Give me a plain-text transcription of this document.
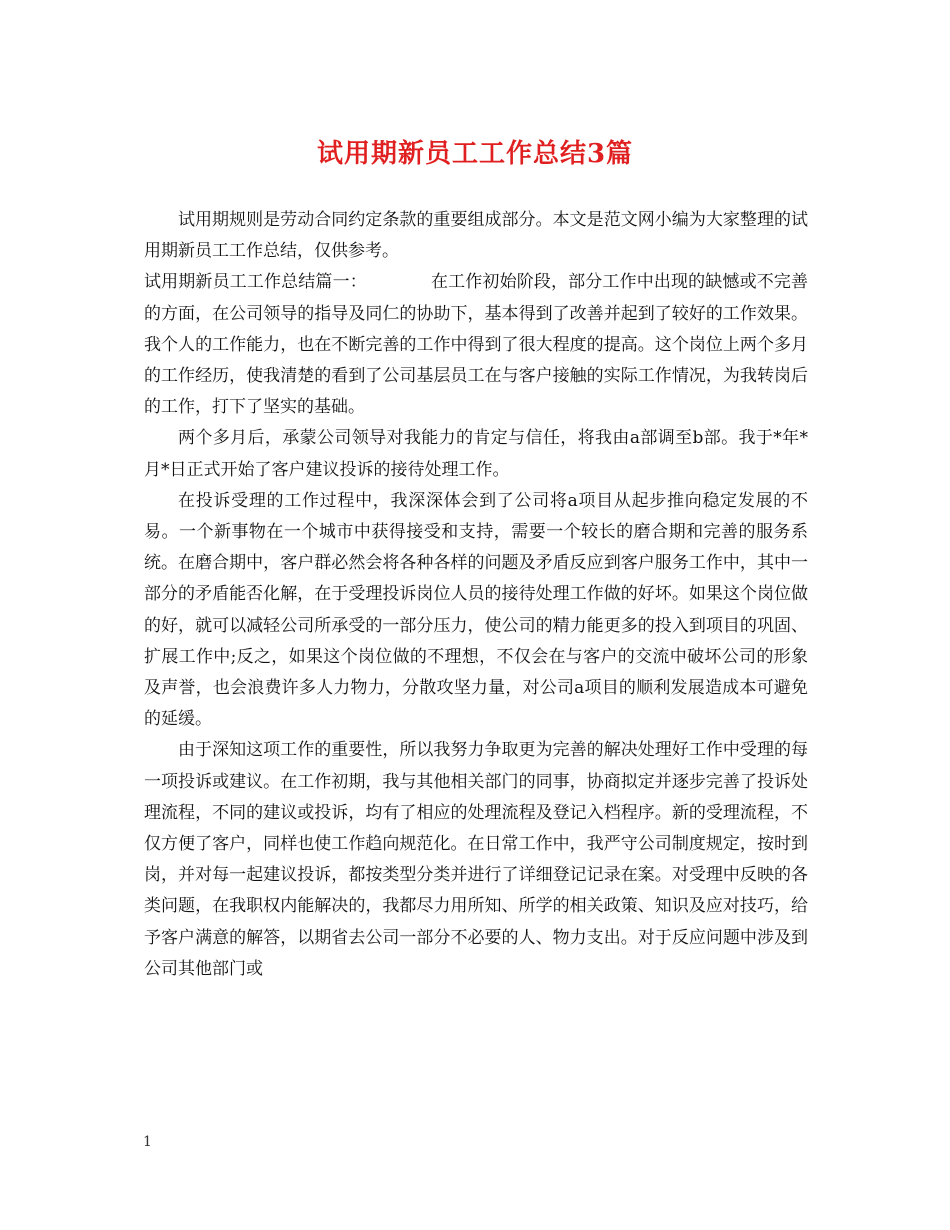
试用期新员工工作总结3篇

试用期规则是劳动合同约定条款的重要组成部分。本文是范文网小编为大家整理的试用期新员工工作总结，仅供参考。

试用期新员工工作总结篇一：	在工作初始阶段，部分工作中出现的缺憾或不完善的方面，在公司领导的指导及同仁的协助下，基本得到了改善并起到了较好的工作效果。我个人的工作能力，也在不断完善的工作中得到了很大程度的提高。这个岗位上两个多月的工作经历，使我清楚的看到了公司基层员工在与客户接触的实际工作情况，为我转岗后的工作，打下了坚实的基础。

两个多月后，承蒙公司领导对我能力的肯定与信任，将我由a部调至b部。我于*年*月*日正式开始了客户建议投诉的接待处理工作。

在投诉受理的工作过程中，我深深体会到了公司将a项目从起步推向稳定发展的不易。一个新事物在一个城市中获得接受和支持，需要一个较长的磨合期和完善的服务系统。在磨合期中，客户群必然会将各种各样的问题及矛盾反应到客户服务工作中，其中一部分的矛盾能否化解，在于受理投诉岗位人员的接待处理工作做的好坏。如果这个岗位做的好，就可以减轻公司所承受的一部分压力，使公司的精力能更多的投入到项目的巩固、扩展工作中;反之，如果这个岗位做的不理想，不仅会在与客户的交流中破坏公司的形象及声誉，也会浪费许多人力物力，分散攻坚力量，对公司a项目的顺利发展造成本可避免的延缓。

由于深知这项工作的重要性，所以我努力争取更为完善的解决处理好工作中受理的每一项投诉或建议。在工作初期，我与其他相关部门的同事，协商拟定并逐步完善了投诉处理流程，不同的建议或投诉，均有了相应的处理流程及登记入档程序。新的受理流程，不仅方便了客户，同样也使工作趋向规范化。在日常工作中，我严守公司制度规定，按时到岗，并对每一起建议投诉，都按类型分类并进行了详细登记记录在案。对受理中反映的各类问题，在我职权内能解决的，我都尽力用所知、所学的相关政策、知识及应对技巧，给予客户满意的解答，以期省去公司一部分不必要的人、物力支出。对于反应问题中涉及到公司其他部门或

1
